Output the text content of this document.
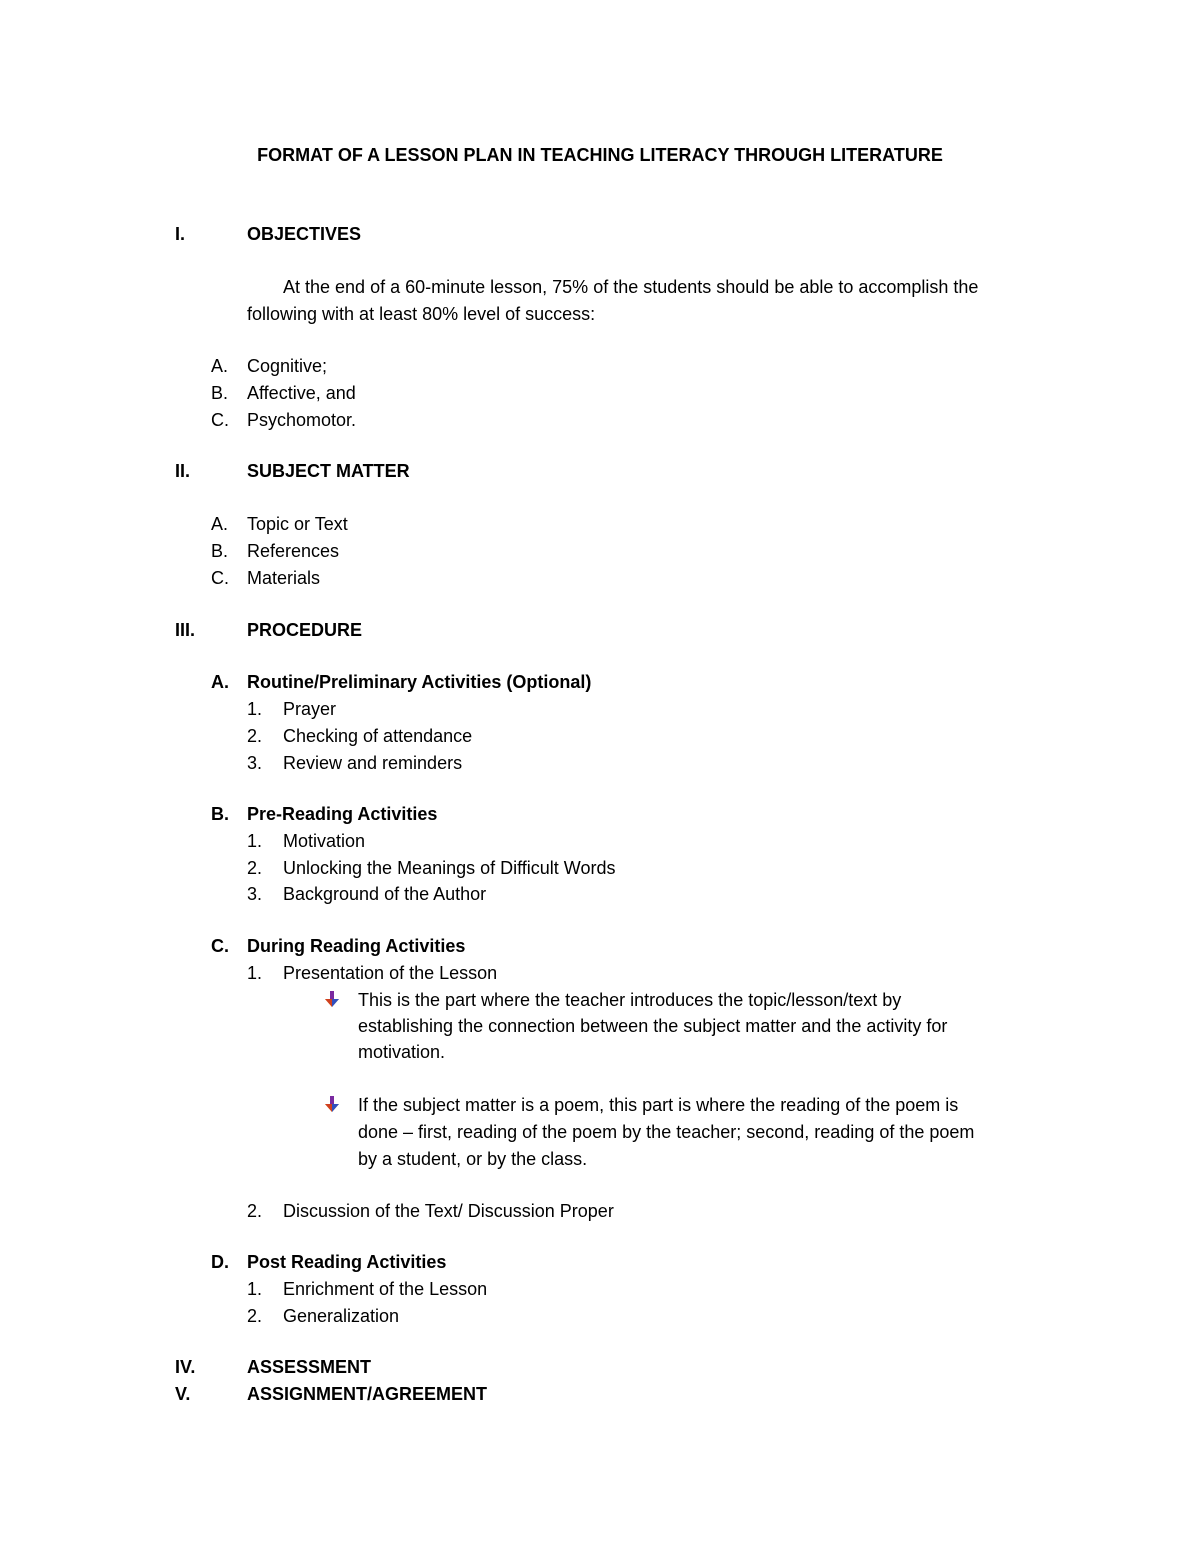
FORMAT OF A LESSON PLAN IN TEACHING LITERACY THROUGH LITERATURE
I.	OBJECTIVES
At the end of a 60-minute lesson, 75% of the students should be able to accomplish the
following with at least 80% level of success:
A. Cognitive;
B. Affective, and
C. Psychomotor.
II.	SUBJECT MATTER
A. Topic or Text
B. References
C. Materials
III.	PROCEDURE
A. Routine/Preliminary Activities (Optional)
1. Prayer
2. Checking of attendance
3. Review and reminders
B. Pre-Reading Activities
1. Motivation
2. Unlocking the Meanings of Difficult Words
3. Background of the Author
C. During Reading Activities
1. Presentation of the Lesson
This is the part where the teacher introduces the topic/lesson/text by
establishing the connection between the subject matter and the activity for
motivation.
If the subject matter is a poem, this part is where the reading of the poem is
done – first, reading of the poem by the teacher; second, reading of the poem
by a student, or by the class.
2. Discussion of the Text/ Discussion Proper
D. Post Reading Activities
1. Enrichment of the Lesson
2. Generalization
IV.	ASSESSMENT
V.	ASSIGNMENT/AGREEMENT
